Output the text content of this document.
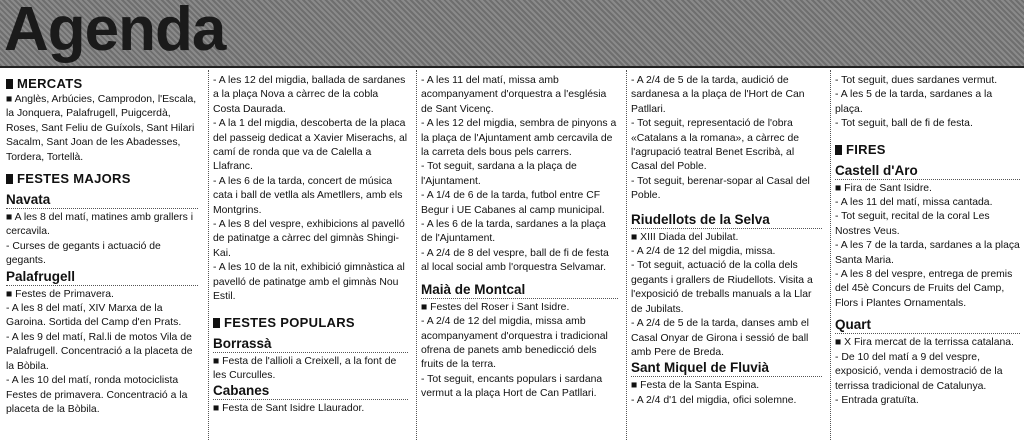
Agenda
MERCATS

■ Anglès, Arbúcies, Camprodon, l'Escala, la Jonquera, Palafrugell, Puigcerdà, Roses, Sant Feliu de Guíxols, Sant Hilari Sacalm, Sant Joan de les Abadesses, Tordera, Tortellà.

FESTES MAJORS
Navata

■ A les 8 del matí, matines amb grallers i cercavila.

- Curses de gegants i actuació de gegants.

Palafrugell

■ Festes de Primavera.

- A les 8 del matí, XIV Marxa de la Garoina. Sortida del Camp d'en Prats.

- A les 9 del matí, Ral.li de motos Vila de Palafrugell. Concentració a la placeta de la Bòbila.

- A les 10 del matí, ronda motociclista Festes de primavera. Concentració a la placeta de la Bòbila.

- A les 12 del migdia, ballada de sardanes a la plaça Nova a càrrec de la cobla Costa Daurada.

- A la 1 del migdia, descoberta de la placa del passeig dedicat a Xavier Miserachs, al camí de ronda que va de Calella a Llafranc.

- A les 6 de la tarda, concert de música cata i ball de vetlla als Ametllers, amb els Montgrins.

- A les 8 del vespre, exhibicions al pavelló de patinatge a càrrec del gimnàs Shingi-Kai.

- A les 10 de la nit, exhibició gimnàstica al pavelló de patinatge amb el gimnàs Nou Estil.

FESTES POPULARS
Borrassà

■ Festa de l'allioli a Creixell, a la font de les Curculles.

Cabanes

■ Festa de Sant Isidre Llaurador.

- A les 11 del matí, missa amb acompanyament d'orquestra a l'església de Sant Vicenç.

- A les 12 del migdia, sembra de pinyons a la plaça de l'Ajuntament amb cercavila de la carreta dels bous pels carrers.

- Tot seguit, sardana a la plaça de l'Ajuntament.

- A 1/4 de 6 de la tarda, futbol entre CF Begur i UE Cabanes al camp municipal.

- A les 6 de la tarda, sardanes a la plaça de l'Ajuntament.

- A 2/4 de 8 del vespre, ball de fi de festa al local social amb l'orquestra Selvamar.

Maià de Montcal

■ Festes del Roser i Sant Isidre.

- A 2/4 de 12 del migdia, missa amb acompanyament d'orquestra i tradicional ofrena de panets amb benedicció dels fruits de la terra.

- Tot seguit, encants populars i sardana vermut a la plaça Hort de Can Patllari.

- A 2/4 de 5 de la tarda, audició de sardanesa a la plaça de l'Hort de Can Patllari.

- Tot seguit, representació de l'obra «Catalans a la romana», a càrrec de l'agrupació teatral Benet Escribà, al Casal del Poble.

- Tot seguit, berenar-sopar al Casal del Poble.

Riudellots de la Selva

■ XIII Diada del Jubilat.

- A 2/4 de 12 del migdia, missa.

- Tot seguit, actuació de la colla dels gegants i grallers de Riudellots. Visita a l'exposició de treballs manuals a la Llar de Jubilats.

- A 2/4 de 5 de la tarda, danses amb el Casal Onyar de Girona i sessió de ball amb Pere de Breda.

Sant Miquel de Fluvià

■ Festa de la Santa Espina.

- A 2/4 d'1 del migdia, ofici solemne.

- Tot seguit, dues sardanes vermut.

- A les 5 de la tarda, sardanes a la plaça.

- Tot seguit, ball de fi de festa.

FIRES
Castell d'Aro

■ Fira de Sant Isidre.

- A les 11 del matí, missa cantada.

- Tot seguit, recital de la coral Les Nostres Veus.

- A les 7 de la tarda, sardanes a la plaça Santa Maria.

- A les 8 del vespre, entrega de premis del 45è Concurs de Fruits del Camp, Flors i Plantes Ornamentals.

Quart

■ X Fira mercat de la terrissa catalana.

- De 10 del matí a 9 del vespre, exposició, venda i demostració de la terrissa tradicional de Catalunya.

- Entrada gratuïta.
